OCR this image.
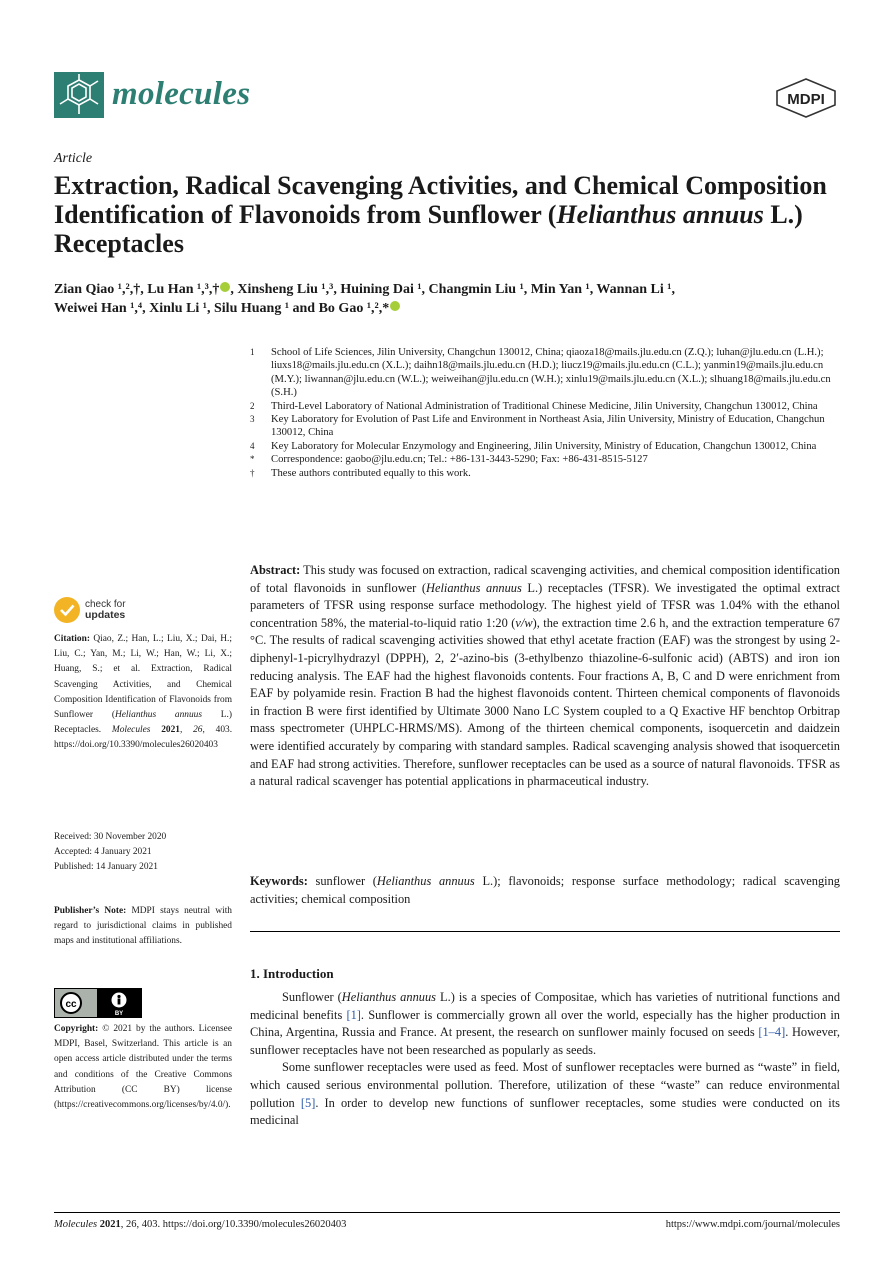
molecules	MDPI
Article
Extraction, Radical Scavenging Activities, and Chemical Composition Identification of Flavonoids from Sunflower (Helianthus annuus L.) Receptacles
Zian Qiao ¹,²,†, Lu Han ¹,³,† , Xinsheng Liu ¹,³, Huining Dai ¹, Changmin Liu ¹, Min Yan ¹, Wannan Li ¹,
Weiwei Han ¹,⁴, Xinlu Li ¹, Silu Huang ¹ and Bo Gao ¹,²,*
1 School of Life Sciences, Jilin University, Changchun 130012, China; qiaoza18@mails.jlu.edu.cn (Z.Q.); luhan@jlu.edu.cn (L.H.); liuxs18@mails.jlu.edu.cn (X.L.); daihn18@mails.jlu.edu.cn (H.D.); liucz19@mails.jlu.edu.cn (C.L.); yanmin19@mails.jlu.edu.cn (M.Y.); liwannan@jlu.edu.cn (W.L.); weiweihan@jlu.edu.cn (W.H.); xinlu19@mails.jlu.edu.cn (X.L.); slhuang18@mails.jlu.edu.cn (S.H.)
2 Third-Level Laboratory of National Administration of Traditional Chinese Medicine, Jilin University, Changchun 130012, China
3 Key Laboratory for Evolution of Past Life and Environment in Northeast Asia, Jilin University, Ministry of Education, Changchun 130012, China
4 Key Laboratory for Molecular Enzymology and Engineering, Jilin University, Ministry of Education, Changchun 130012, China
* Correspondence: gaobo@jlu.edu.cn; Tel.: +86-131-3443-5290; Fax: +86-431-8515-5127
† These authors contributed equally to this work.
Abstract: This study was focused on extraction, radical scavenging activities, and chemical composition identification of total flavonoids in sunflower (Helianthus annuus L.) receptacles (TFSR). We investigated the optimal extract parameters of TFSR using response surface methodology. The highest yield of TFSR was 1.04% with the ethanol concentration 58%, the material-to-liquid ratio 1:20 (v/w), the extraction time 2.6 h, and the extraction temperature 67 °C. The results of radical scavenging activities showed that ethyl acetate fraction (EAF) was the strongest by using 2-diphenyl-1-picrylhydrazyl (DPPH), 2, 2′-azino-bis (3-ethylbenzo thiazoline-6-sulfonic acid) (ABTS) and iron ion reducing analysis. The EAF had the highest flavonoids contents. Four fractions A, B, C and D were enrichment from EAF by polyamide resin. Fraction B had the highest flavonoids content. Thirteen chemical components of flavonoids in fraction B were first identified by Ultimate 3000 Nano LC System coupled to a Q Exactive HF benchtop Orbitrap mass spectrometer (UHPLC-HRMS/MS). Among of the thirteen chemical components, isoquercetin and daidzein were identified accurately by comparing with standard samples. Radical scavenging analysis showed that isoquercetin and EAF had strong activities. Therefore, sunflower receptacles can be used as a source of natural flavonoids. TFSR as a natural radical scavenger has potential applications in pharmaceutical industry.
Keywords: sunflower (Helianthus annuus L.); flavonoids; response surface methodology; radical scavenging activities; chemical composition
1. Introduction

Sunflower (Helianthus annuus L.) is a species of Compositae, which has varieties of nutritional functions and medicinal benefits [1]. Sunflower is commercially grown all over the world, especially has the higher production in China, Argentina, Russia and France. At present, the research on sunflower mainly focused on seeds [1–4]. However, sunflower receptacles have not been researched as popularly as seeds.

Some sunflower receptacles were used as feed. Most of sunflower receptacles were burned as “waste” in field, which caused serious environmental pollution. Therefore, utilization of these “waste” can reduce environmental pollution [5]. In order to develop new functions of sunflower receptacles, some studies were conducted on its medicinal

check for
updates
Citation: Qiao, Z.; Han, L.; Liu, X.; Dai, H.; Liu, C.; Yan, M.; Li, W.; Han, W.; Li, X.; Huang, S.; et al. Extraction, Radical Scavenging Activities, and Chemical Composition Identification of Flavonoids from Sunflower (Helianthus annuus L.) Receptacles. Molecules 2021, 26, 403. https://doi.org/10.3390/molecules26020403
Received: 30 November 2020
Accepted: 4 January 2021
Published: 14 January 2021
Publisher’s Note: MDPI stays neutral with regard to jurisdictional claims in published maps and institutional affiliations.
cc
BY
Copyright: © 2021 by the authors. Licensee MDPI, Basel, Switzerland. This article is an open access article distributed under the terms and conditions of the Creative Commons Attribution (CC BY) license (https://creativecommons.org/licenses/by/4.0/).
Molecules 2021, 26, 403. https://doi.org/10.3390/molecules26020403	https://www.mdpi.com/journal/molecules
